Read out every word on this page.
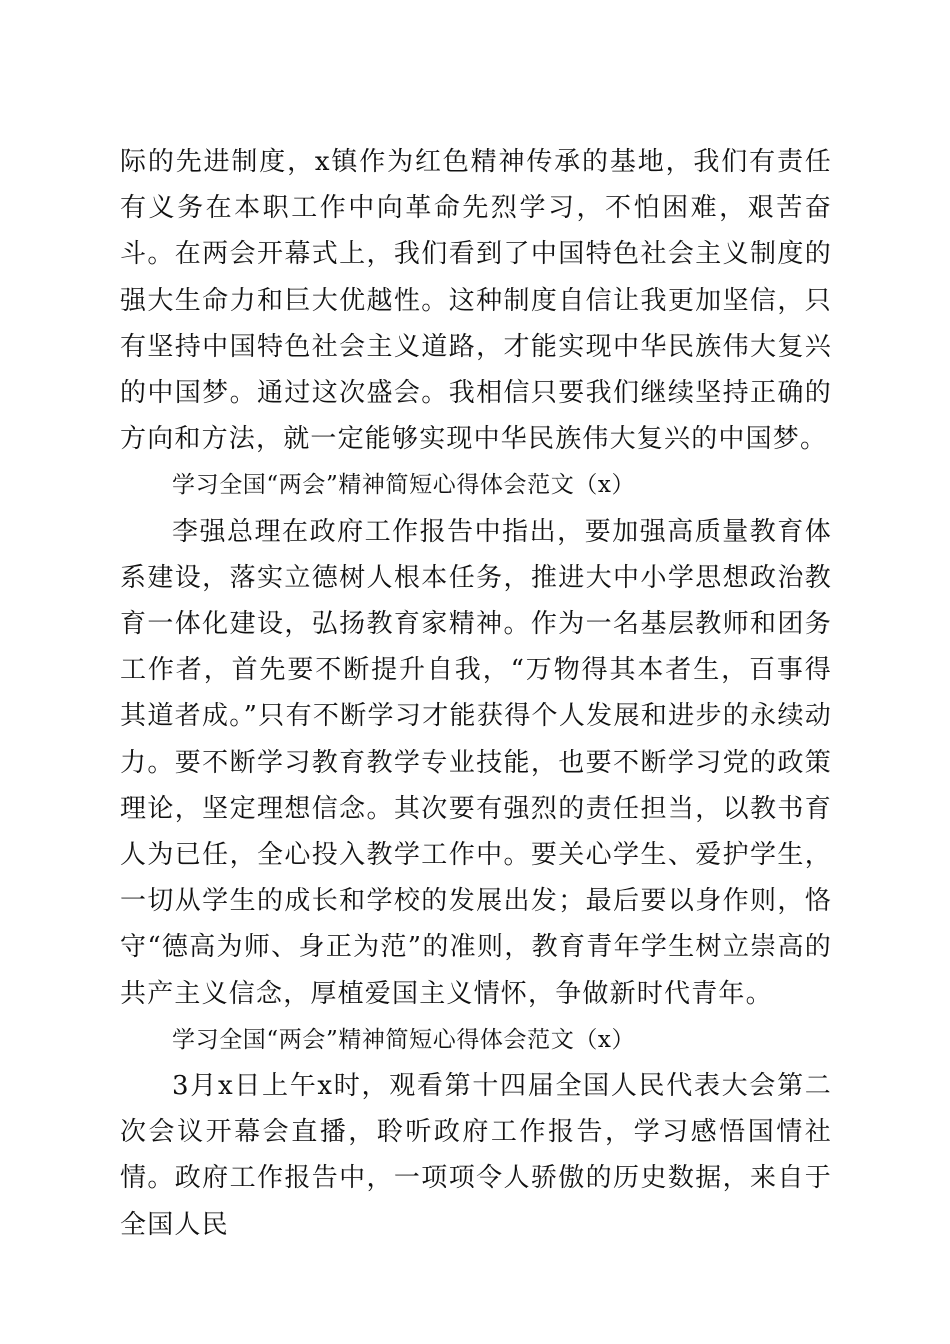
际的先进制度，x镇作为红色精神传承的基地，我们有责任有义务在本职工作中向革命先烈学习，不怕困难，艰苦奋斗。在两会开幕式上，我们看到了中国特色社会主义制度的强大生命力和巨大优越性。这种制度自信让我更加坚信，只有坚持中国特色社会主义道路，才能实现中华民族伟大复兴的中国梦。通过这次盛会。我相信只要我们继续坚持正确的方向和方法，就一定能够实现中华民族伟大复兴的中国梦。

学习全国“两会”精神简短心得体会范文（x）

李强总理在政府工作报告中指出，要加强高质量教育体系建设，落实立德树人根本任务，推进大中小学思想政治教育一体化建设，弘扬教育家精神。作为一名基层教师和团务工作者，首先要不断提升自我，“万物得其本者生，百事得其道者成。”只有不断学习才能获得个人发展和进步的永续动力。要不断学习教育教学专业技能，也要不断学习党的政策理论，坚定理想信念。其次要有强烈的责任担当，以教书育人为已任，全心投入教学工作中。要关心学生、爱护学生，一切从学生的成长和学校的发展出发；最后要以身作则，恪守“德高为师、身正为范”的准则，教育青年学生树立崇高的共产主义信念，厚植爱国主义情怀，争做新时代青年。

学习全国“两会”精神简短心得体会范文（x）

3月x日上午x时，观看第十四届全国人民代表大会第二次会议开幕会直播，聆听政府工作报告，学习感悟国情社情。政府工作报告中，一项项令人骄傲的历史数据，来自于全国人民
